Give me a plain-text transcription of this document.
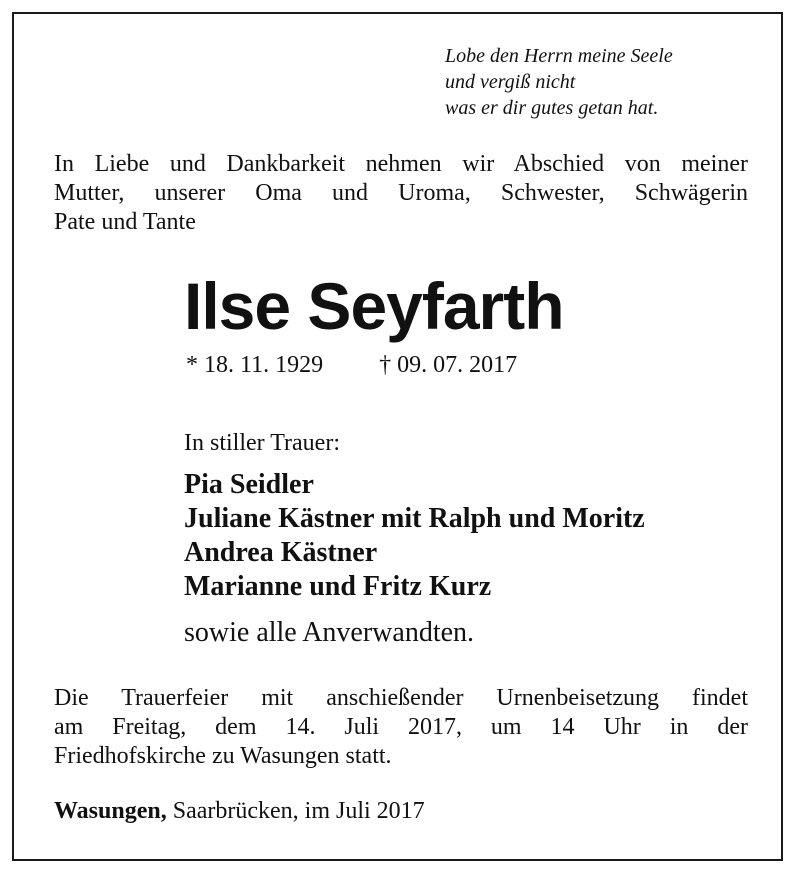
Lobe den Herrn meine Seele
und vergiß nicht
was er dir gutes getan hat.
In Liebe und Dankbarkeit nehmen wir Abschied von meiner
Mutter, unserer Oma und Uroma, Schwester, Schwägerin
Pate und Tante
Ilse Seyfarth
* 18. 11. 1929 † 09. 07. 2017
In stiller Trauer:
Pia Seidler
Juliane Kästner mit Ralph und Moritz
Andrea Kästner
Marianne und Fritz Kurz
sowie alle Anverwandten.
Die Trauerfeier mit anschießender Urnenbeisetzung findet
am Freitag, dem 14. Juli 2017, um 14 Uhr in der
Friedhofskirche zu Wasungen statt.
Wasungen, Saarbrücken, im Juli 2017
